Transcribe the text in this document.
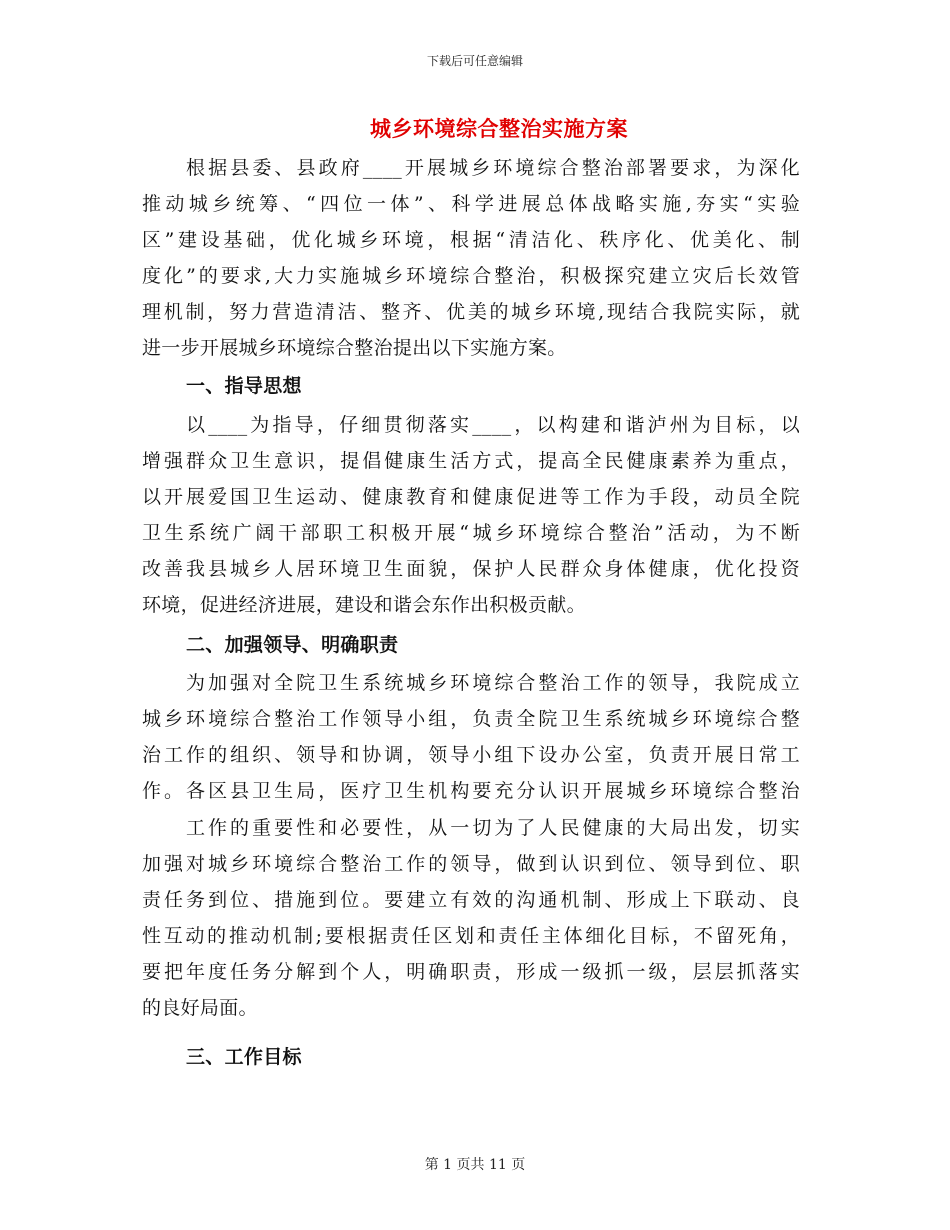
下载后可任意编辑
城乡环境综合整治实施方案
根据县委、县政府____开展城乡环境综合整治部署要求，为深化
推动城乡统筹、“四位一体”、科学进展总体战略实施,夯实“实验
区”建设基础，优化城乡环境，根据“清洁化、秩序化、优美化、制
度化”的要求,大力实施城乡环境综合整治，积极探究建立灾后长效管
理机制，努力营造清洁、整齐、优美的城乡环境,现结合我院实际，就
进一步开展城乡环境综合整治提出以下实施方案。
一、指导思想
以____为指导，仔细贯彻落实____，以构建和谐泸州为目标，以
增强群众卫生意识，提倡健康生活方式，提高全民健康素养为重点，
以开展爱国卫生运动、健康教育和健康促进等工作为手段，动员全院
卫生系统广阔干部职工积极开展“城乡环境综合整治”活动，为不断
改善我县城乡人居环境卫生面貌，保护人民群众身体健康，优化投资
环境，促进经济进展，建设和谐会东作出积极贡献。
二、加强领导、明确职责
为加强对全院卫生系统城乡环境综合整治工作的领导，我院成立
城乡环境综合整治工作领导小组，负责全院卫生系统城乡环境综合整
治工作的组织、领导和协调，领导小组下设办公室，负责开展日常工
作。各区县卫生局，医疗卫生机构要充分认识开展城乡环境综合整治
工作的重要性和必要性，从一切为了人民健康的大局出发，切实
加强对城乡环境综合整治工作的领导，做到认识到位、领导到位、职
责任务到位、措施到位。要建立有效的沟通机制、形成上下联动、良
性互动的推动机制;要根据责任区划和责任主体细化目标，不留死角，
要把年度任务分解到个人，明确职责，形成一级抓一级，层层抓落实
的良好局面。
三、工作目标
第 1 页共 11 页
